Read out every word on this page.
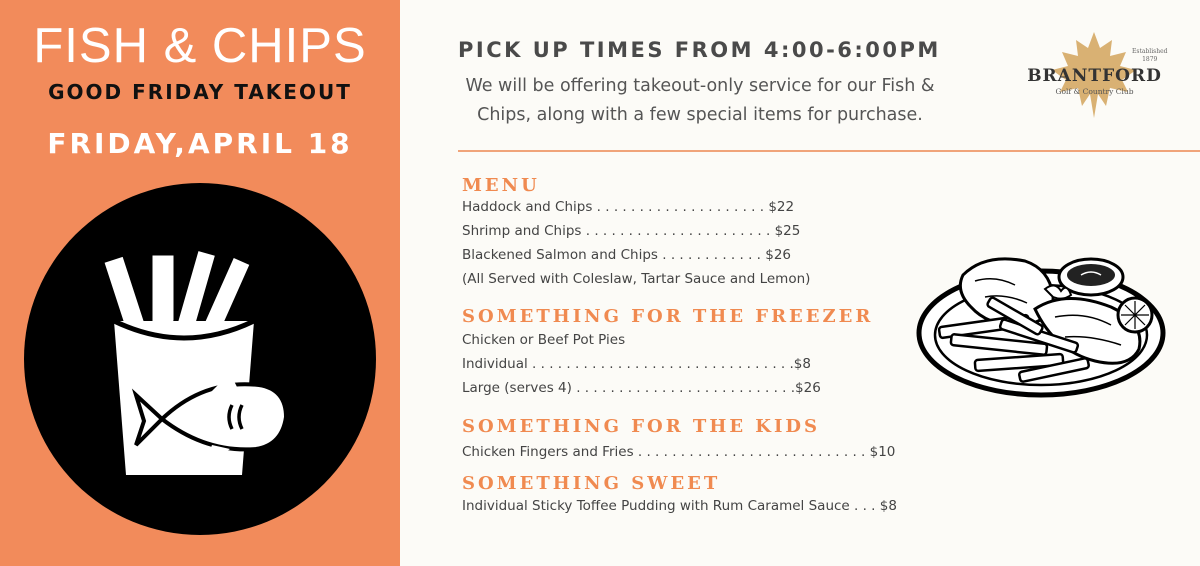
FISH & CHIPS
GOOD FRIDAY TAKEOUT
FRIDAY,APRIL 18
PICK UP TIMES FROM 4:00-6:00PM
We will be offering takeout-only service for our Fish &
Chips, along with a few special items for purchase.
Established
1879
BRANTFORD
Golf & Country Club
MENU
Haddock and Chips . . . . . . . . . . . . . . . . . . . . $22
Shrimp and Chips . . . . . . . . . . . . . . . . . . . . . . $25
Blackened Salmon and Chips . . . . . . . . . . . . $26
(All Served with Coleslaw, Tartar Sauce and Lemon)
SOMETHING FOR THE FREEZER
Chicken or Beef Pot Pies
Individual . . . . . . . . . . . . . . . . . . . . . . . . . . . . . . .$8
Large (serves 4) . . . . . . . . . . . . . . . . . . . . . . . . . .$26
SOMETHING FOR THE KIDS
Chicken Fingers and Fries . . . . . . . . . . . . . . . . . . . . . . . . . . . $10
SOMETHING SWEET
Individual Sticky Toffee Pudding with Rum Caramel Sauce . . . $8
